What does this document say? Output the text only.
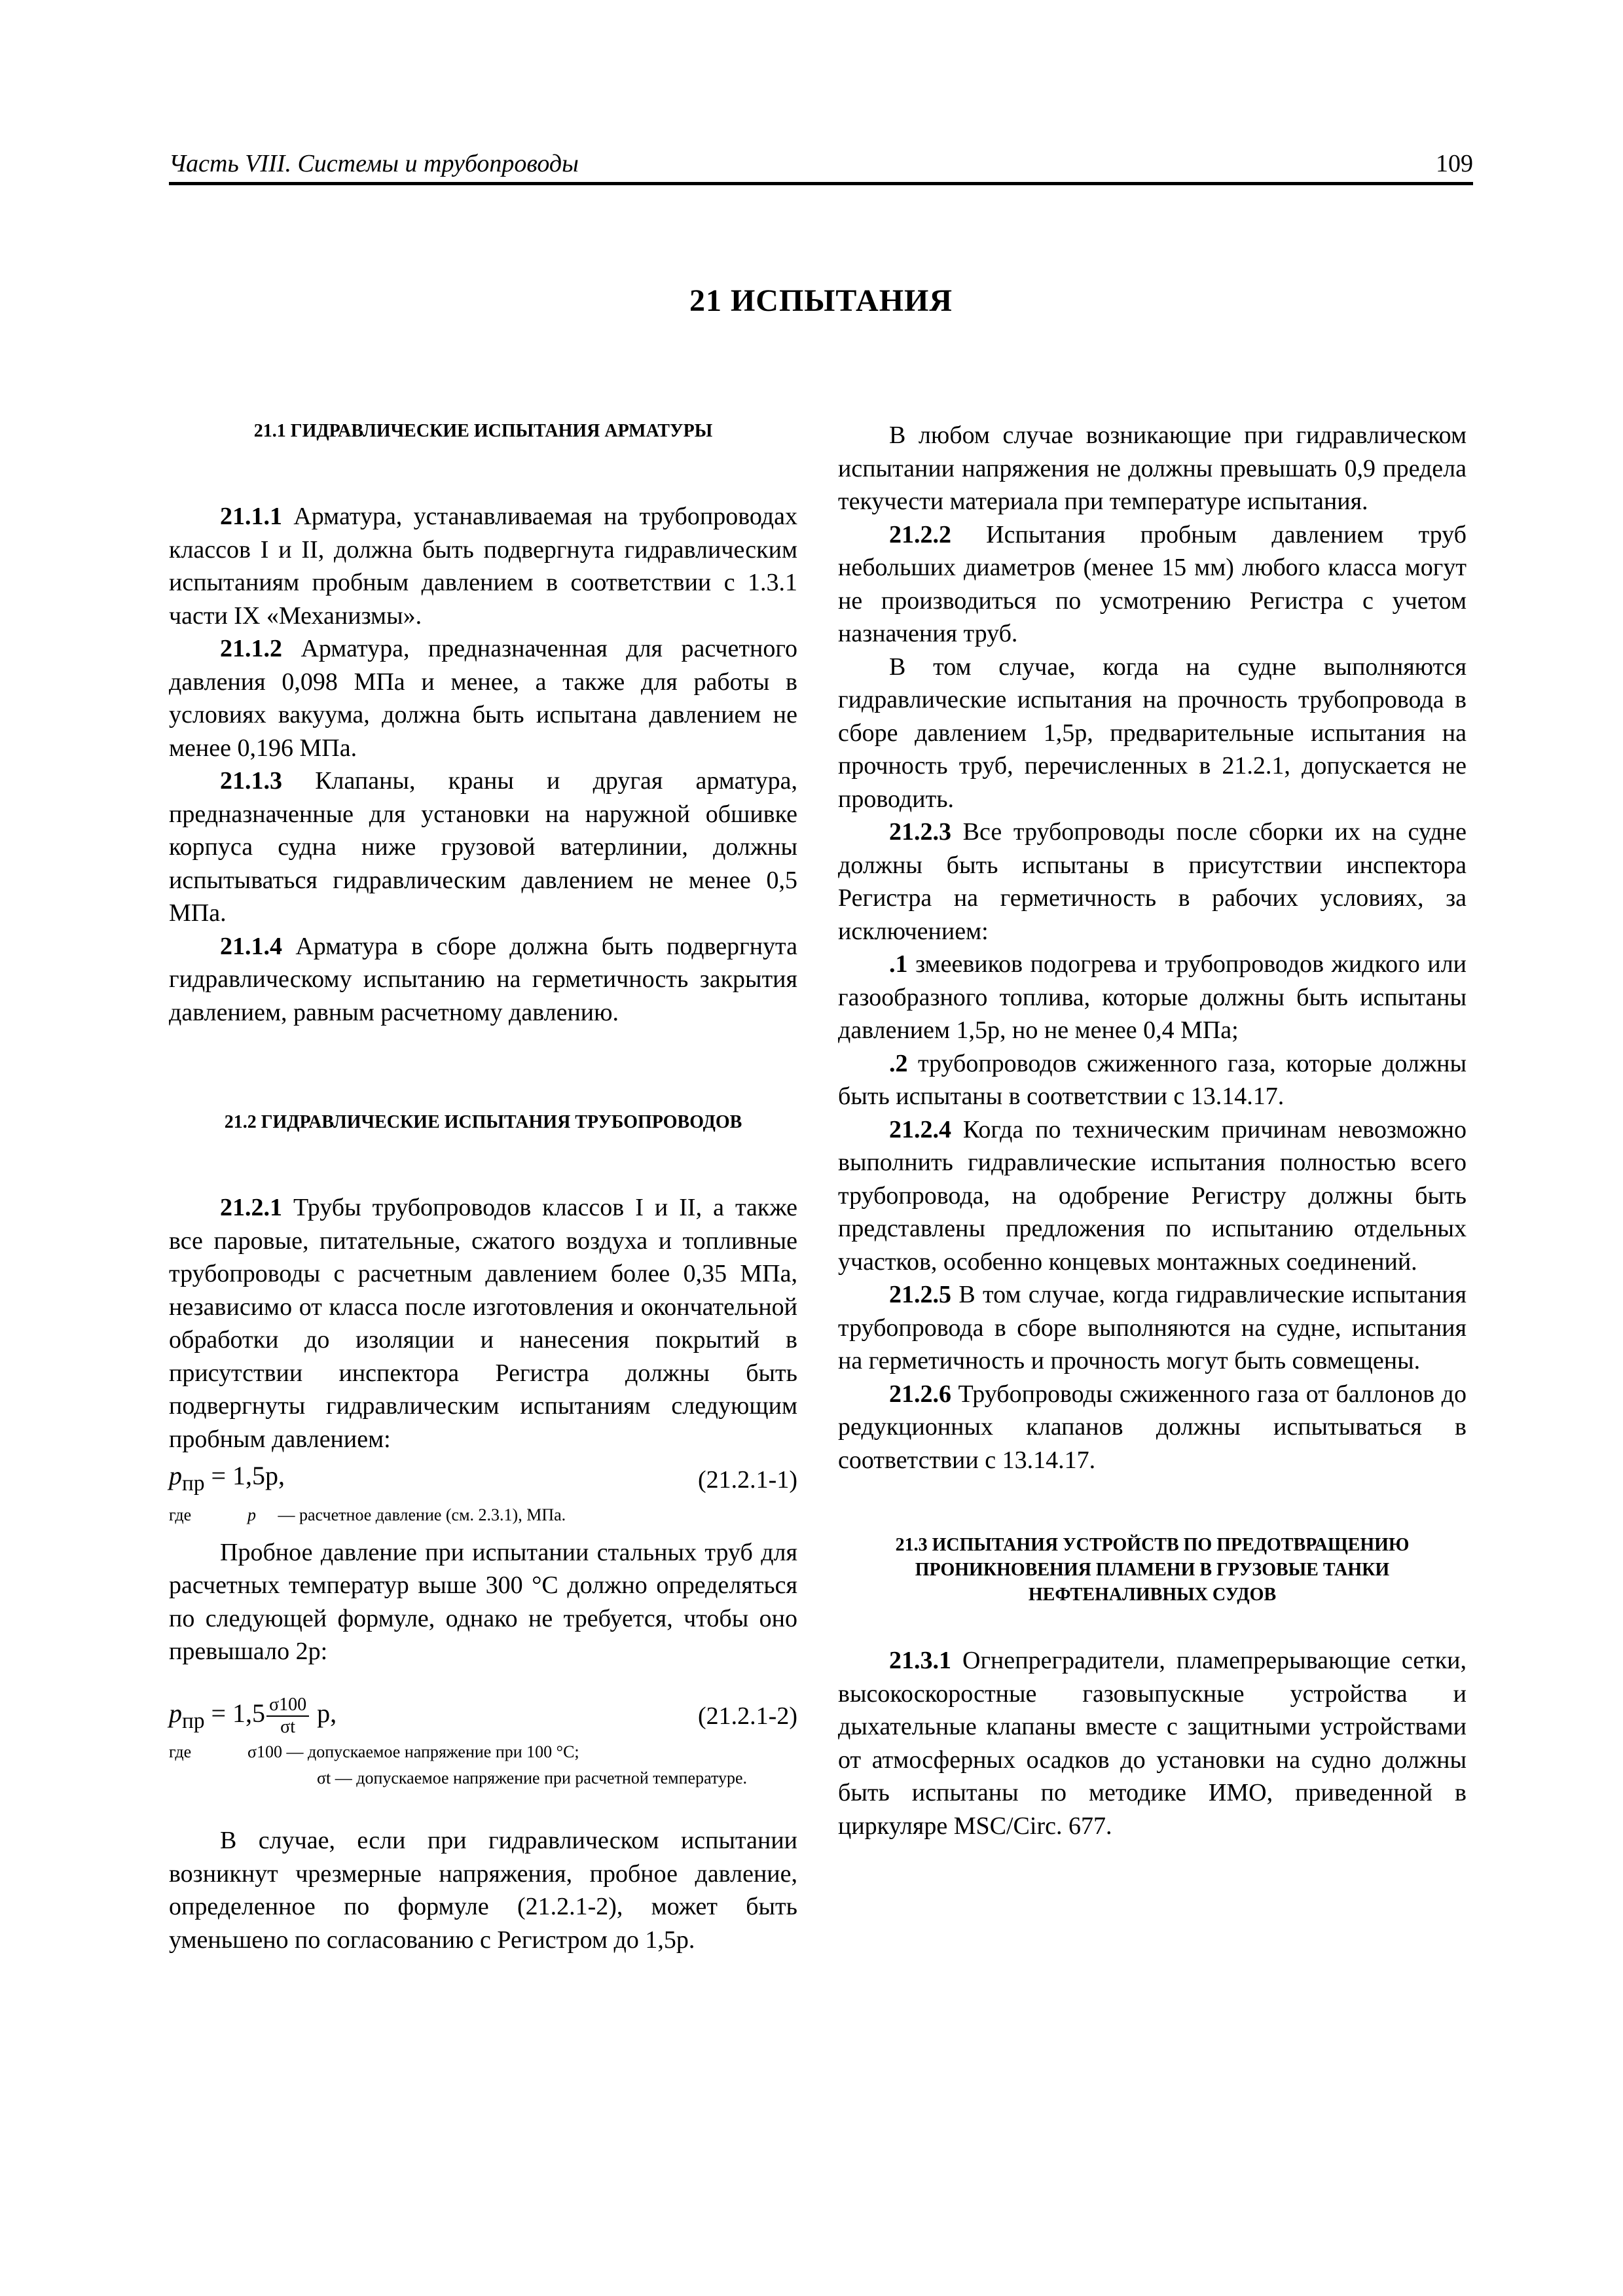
Часть VIII. Системы и трубопроводы	109
21 ИСПЫТАНИЯ

21.1 ГИДРАВЛИЧЕСКИЕ ИСПЫТАНИЯ АРМАТУРЫ

21.1.1 Арматура, устанавливаемая на трубопроводах классов I и II, должна быть подвергнута гидравлическим испытаниям пробным давлением в соответствии с 1.3.1 части IX «Механизмы».

21.1.2 Арматура, предназначенная для расчетного давления 0,098 МПа и менее, а также для работы в условиях вакуума, должна быть испытана давлением не менее 0,196 МПа.

21.1.3 Клапаны, краны и другая арматура, предназначенные для установки на наружной обшивке корпуса судна ниже грузовой ватерлинии, должны испытываться гидравлическим давлением не менее 0,5 МПа.

21.1.4 Арматура в сборе должна быть подвергнута гидравлическому испытанию на герметичность закрытия давлением, равным расчетному давлению.

21.2 ГИДРАВЛИЧЕСКИЕ ИСПЫТАНИЯ ТРУБОПРОВОДОВ

21.2.1 Трубы трубопроводов классов I и II, а также все паровые, питательные, сжатого воздуха и топливные трубопроводы с расчетным давлением более 0,35 МПа, независимо от класса после изготовления и окончательной обработки до изоляции и нанесения покрытий в присутствии инспектора Регистра должны быть подвергнуты гидравлическим испытаниям следующим пробным давлением:

$p_{пр} = 1,5p$,	(21.2.1-1)
где	p — расчетное давление (см. 2.3.1), МПа.

Пробное давление при испытании стальных труб для расчетных температур выше 300 °С должно определяться по следующей формуле, однако не требуется, чтобы оно превышало 2p:

$p_{пр} = 1,5 \frac{\sigma 100}{\sigma t} p$,	(21.2.1-2)
где	σ100 — допускаемое напряжение при 100 °С;
σt — допускаемое напряжение при расчетной температуре.

В случае, если при гидравлическом испытании возникнут чрезмерные напряжения, пробное давление, определенное по формуле (21.2.1-2), может быть уменьшено по согласованию с Регистром до 1,5p.

В любом случае возникающие при гидравлическом испытании напряжения не должны превышать 0,9 предела текучести материала при температуре испытания.

21.2.2 Испытания пробным давлением труб небольших диаметров (менее 15 мм) любого класса могут не производиться по усмотрению Регистра с учетом назначения труб.

В том случае, когда на судне выполняются гидравлические испытания на прочность трубопровода в сборе давлением 1,5p, предварительные испытания на прочность труб, перечисленных в 21.2.1, допускается не проводить.

21.2.3 Все трубопроводы после сборки их на судне должны быть испытаны в присутствии инспектора Регистра на герметичность в рабочих условиях, за исключением:

.1 змеевиков подогрева и трубопроводов жидкого или газообразного топлива, которые должны быть испытаны давлением 1,5p, но не менее 0,4 МПа;

.2 трубопроводов сжиженного газа, которые должны быть испытаны в соответствии с 13.14.17.

21.2.4 Когда по техническим причинам невозможно выполнить гидравлические испытания полностью всего трубопровода, на одобрение Регистру должны быть представлены предложения по испытанию отдельных участков, особенно концевых монтажных соединений.

21.2.5 В том случае, когда гидравлические испытания трубопровода в сборе выполняются на судне, испытания на герметичность и прочность могут быть совмещены.

21.2.6 Трубопроводы сжиженного газа от баллонов до редукционных клапанов должны испытываться в соответствии с 13.14.17.

21.3 ИСПЫТАНИЯ УСТРОЙСТВ ПО ПРЕДОТВРАЩЕНИЮ ПРОНИКНОВЕНИЯ ПЛАМЕНИ В ГРУЗОВЫЕ ТАНКИ НЕФТЕНАЛИВНЫХ СУДОВ

21.3.1 Огнепреградители, пламепрерывающие сетки, высокоскоростные газовыпускные устройства и дыхательные клапаны вместе с защитными устройствами от атмосферных осадков до установки на судно должны быть испытаны по методике ИМО, приведенной в циркуляре MSC/Circ. 677.
